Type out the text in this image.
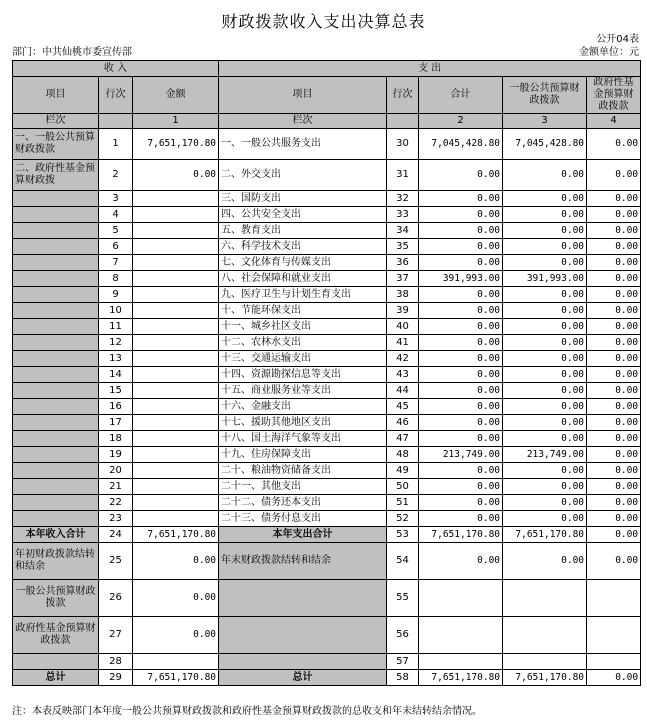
财政拨款收入支出决算总表
公开04表
部门：中共仙桃市委宣传部	金额单位：元
收 入			支 出				
项目	行次	金额	项目	行次	合计	一般公共预算财政拨款	政府性基金预算财政拨款
栏次		1	栏次		2	3	4
一、一般公共预算财政拨款	1	7,651,170.80	一、一般公共服务支出	30	7,045,428.80	7,045,428.80	0.00
二、政府性基金预算财政拨	2	0.00	二、外交支出	31	0.00	0.00	0.00
	3		三、国防支出	32	0.00	0.00	0.00
	4		四、公共安全支出	33	0.00	0.00	0.00
	5		五、教育支出	34	0.00	0.00	0.00
	6		六、科学技术支出	35	0.00	0.00	0.00
	7		七、文化体育与传媒支出	36	0.00	0.00	0.00
	8		八、社会保障和就业支出	37	391,993.00	391,993.00	0.00
	9		九、医疗卫生与计划生育支出	38	0.00	0.00	0.00
	10		十、节能环保支出	39	0.00	0.00	0.00
	11		十一、城乡社区支出	40	0.00	0.00	0.00
	12		十二、农林水支出	41	0.00	0.00	0.00
	13		十三、交通运输支出	42	0.00	0.00	0.00
	14		十四、资源勘探信息等支出	43	0.00	0.00	0.00
	15		十五、商业服务业等支出	44	0.00	0.00	0.00
	16		十六、金融支出	45	0.00	0.00	0.00
	17		十七、援助其他地区支出	46	0.00	0.00	0.00
	18		十八、国土海洋气象等支出	47	0.00	0.00	0.00
	19		十九、住房保障支出	48	213,749.00	213,749.00	0.00
	20		二十、粮油物资储备支出	49	0.00	0.00	0.00
	21		二十一、其他支出	50	0.00	0.00	0.00
	22		二十二、债务还本支出	51	0.00	0.00	0.00
	23		二十三、债务付息支出	52	0.00	0.00	0.00
本年收入合计	24	7,651,170.80	本年支出合计	53	7,651,170.80	7,651,170.80	0.00
年初财政拨款结转和结余	25	0.00	年末财政拨款结转和结余	54	0.00	0.00	0.00
一般公共预算财政拨款	26	0.00		55			
政府性基金预算财政拨款	27	0.00		56			
	28			57			
总计	29	7,651,170.80	总计	58	7,651,170.80	7,651,170.80	0.00
注：本表反映部门本年度一般公共预算财政拨款和政府性基金预算财政拨款的总收支和年末结转结余情况。
